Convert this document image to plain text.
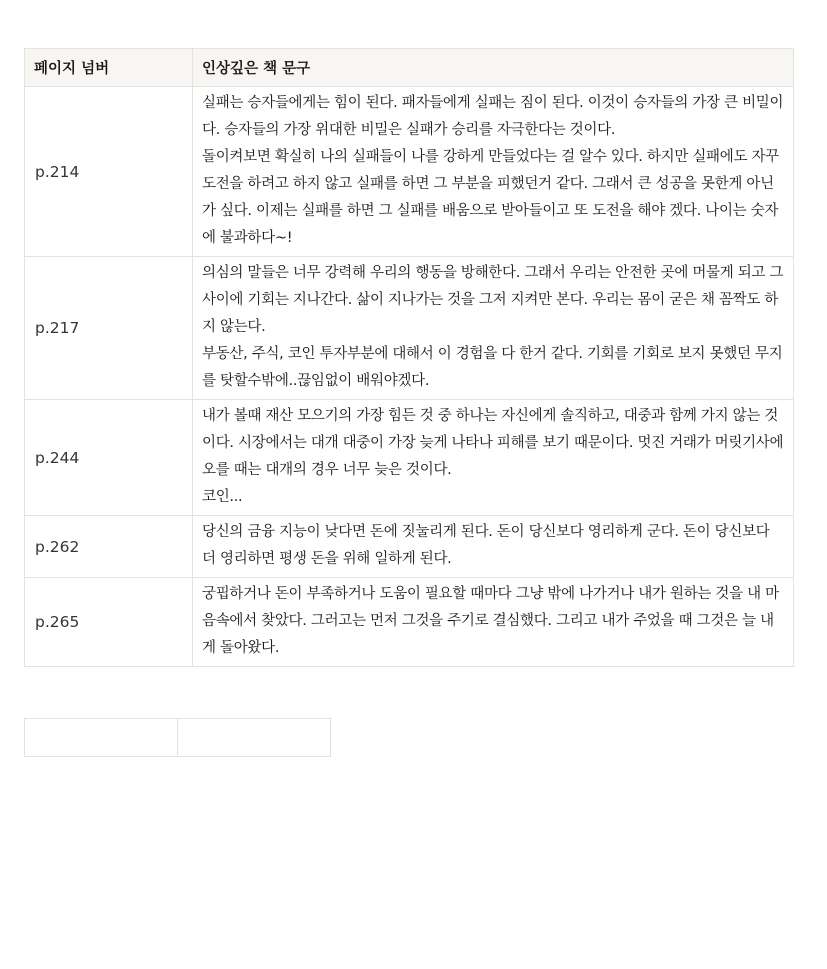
페이지 넘버	인상깊은 책 문구
p.214	실패는 승자들에게는 힘이 된다. 패자들에게 실패는 짐이 된다. 이것이 승자들의 가장 큰 비밀이다. 승자들의 가장 위대한 비밀은 실패가 승리를 자극한다는 것이다.

돌이켜보면 확실히 나의 실패들이 나를 강하게 만들었다는 걸 알수 있다. 하지만 실패에도 자꾸 도전을 하려고 하지 않고 실패를 하면 그 부분을 피했던거 같다. 그래서 큰 성공을 못한게 아닌가 싶다. 이제는 실패를 하면 그 실패를 배움으로 받아들이고 또 도전을 해야 겠다. 나이는 숫자에 불과하다~!

p.217	의심의 말들은 너무 강력해 우리의 행동을 방해한다. 그래서 우리는 안전한 곳에 머물게 되고 그 사이에 기회는 지나간다. 삶이 지나가는 것을 그저 지켜만 본다. 우리는 몸이 굳은 채 꼼짝도 하지 않는다.

부동산, 주식, 코인 투자부분에 대해서 이 경험을 다 한거 같다. 기회를 기회로 보지 못했던 무지를 탓할수밖에..끊임없이 배워야겠다.

p.244	내가 볼때 재산 모으기의 가장 힘든 것 중 하나는 자신에게 솔직하고, 대중과 함께 가지 않는 것이다. 시장에서는 대개 대중이 가장 늦게 나타나 피해를 보기 때문이다. 멋진 거래가 머릿기사에 오를 때는 대개의 경우 너무 늦은 것이다.

코인...

p.262	당신의 금융 지능이 낮다면 돈에 짓눌리게 된다. 돈이 당신보다 영리하게 군다. 돈이 당신보다 더 영리하면 평생 돈을 위해 일하게 된다.

p.265	궁핍하거나 돈이 부족하거나 도움이 필요할 때마다 그냥 밖에 나가거나 내가 원하는 것을 내 마음속에서 찾았다. 그러고는 먼저 그것을 주기로 결심했다. 그리고 내가 주었을 때 그것은 늘 내게 돌아왔다.
